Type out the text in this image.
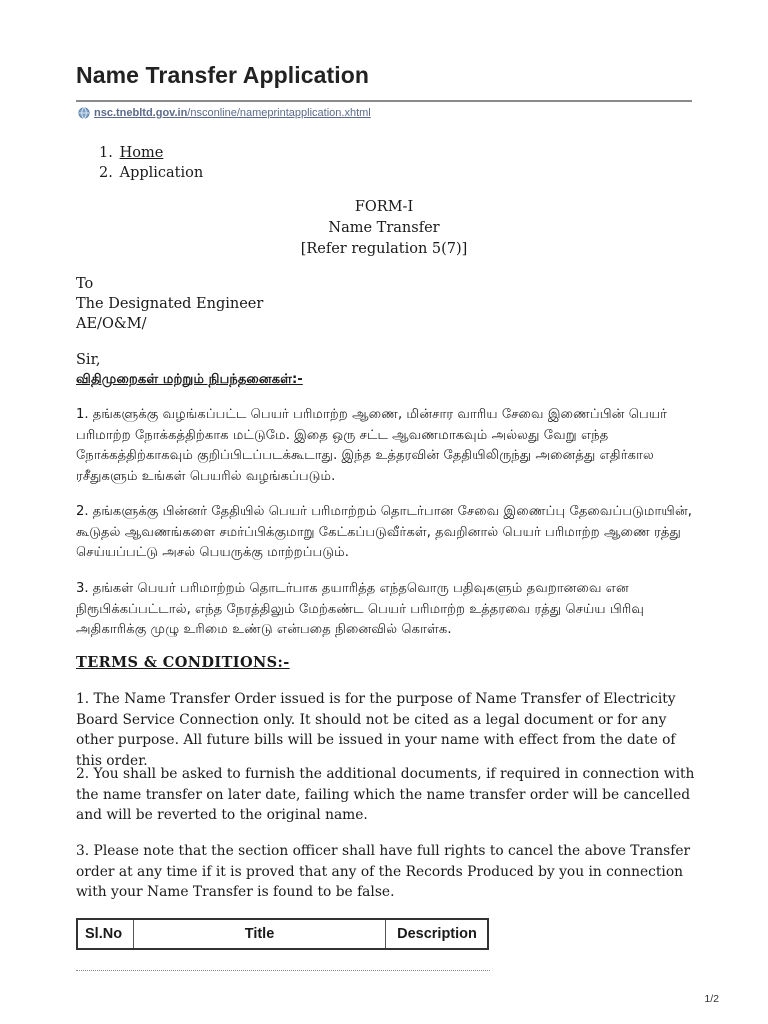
Name Transfer Application
nsc.tnebltd.gov.in/nsconline/nameprintapplication.xhtml
1. Home
2. Application
FORM-I
Name Transfer
[Refer regulation 5(7)]

To

The Designated Engineer

AE/O&M/

Sir,
விதிமுறைகள் மற்றும் நிபந்தனைகள்:-
1. தங்களுக்கு வழங்கப்பட்ட பெயர் பரிமாற்ற ஆணை, மின்சார வாரிய சேவை இணைப்பின் பெயர் பரிமாற்ற நோக்கத்திற்காக மட்டுமே. இதை ஒரு சட்ட ஆவணமாகவும் அல்லது வேறு எந்த நோக்கத்திற்காகவும் குறிப்பிடப்படக்கூடாது. இந்த உத்தரவின் தேதியிலிருந்து அனைத்து எதிர்கால ரசீதுகளும் உங்கள் பெயரில் வழங்கப்படும்.
2. தங்களுக்கு பின்னர் தேதியில் பெயர் பரிமாற்றம் தொடர்பான சேவை இணைப்பு தேவைப்படுமாயின், கூடுதல் ஆவணங்களை சமர்ப்பிக்குமாறு கேட்கப்படுவீர்கள், தவறினால் பெயர் பரிமாற்ற ஆணை ரத்து செய்யப்பட்டு அசல் பெயருக்கு மாற்றப்படும்.
3. தங்கள் பெயர் பரிமாற்றம் தொடர்பாக தயாரித்த எந்தவொரு பதிவுகளும் தவறானவை என நிரூபிக்கப்பட்டால், எந்த நேரத்திலும் மேற்கண்ட பெயர் பரிமாற்ற உத்தரவை ரத்து செய்ய பிரிவு அதிகாரிக்கு முழு உரிமை உண்டு என்பதை நினைவில் கொள்க.
TERMS & CONDITIONS:-
1. The Name Transfer Order issued is for the purpose of Name Transfer of Electricity Board Service Connection only. It should not be cited as a legal document or for any other purpose. All future bills will be issued in your name with effect from the date of this order.
2. You shall be asked to furnish the additional documents, if required in connection with the name transfer on later date, failing which the name transfer order will be cancelled and will be reverted to the original name.
3. Please note that the section officer shall have full rights to cancel the above Transfer order at any time if it is proved that any of the Records Produced by you in connection with your Name Transfer is found to be false.
Sl.No	Title	Description
1/2
